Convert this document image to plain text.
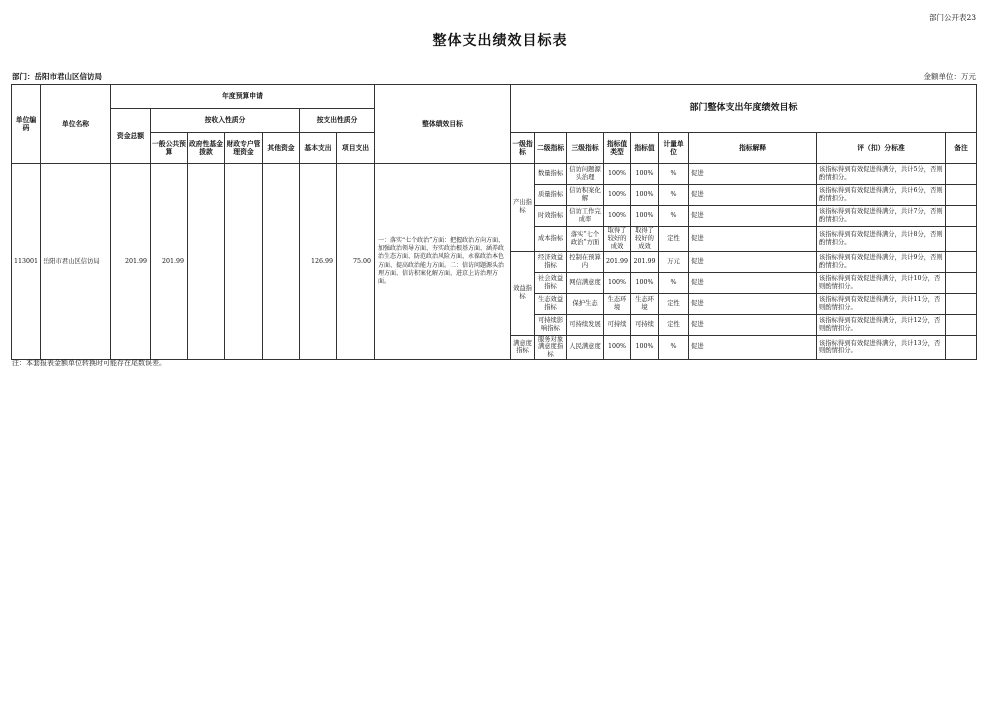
部门公开表23
整体支出绩效目标表
部门：岳阳市君山区信访局	金额单位：万元
单位编码	单位名称	年度预算申请							整体绩效目标	部门整体支出年度绩效目标								
		资金总额	按收入性质分				按支出性质分											
			一般公共预算	政府性基金拨款	财政专户管理资金	其他资金	基本支出	项目支出		一级指标	二级指标	三级指标	指标值类型	指标值	计量单位	指标解释	评（扣）分标准	备注
113001	岳阳市君山区信访局	201.99	201.99				126.99	75.00	一：落实“七个政治”方面：把握政治方向方面、加强政治领导方面、夯实政治根基方面、涵养政治生态方面、防范政治风险方面、永葆政治本色方面、提高政治能力方面。二：信访问题源头治理方面、信访积案化解方面、进京上访治理方面。	产出指标	数量指标	信访问题源头治理	100%	100%	%	促进	该指标得到有效促进得满分，共计5分，否则酌情扣分。	
											质量指标	信访积案化解	100%	100%	%	促进	该指标得到有效促进得满分，共计6分，否则酌情扣分。	
											时效指标	信访工作完成率	100%	100%	%	促进	该指标得到有效促进得满分，共计7分，否则酌情扣分。	
											成本指标	落实“七个政治”方面	取得了较好的成效	取得了较好的成效	定性	促进	该指标得到有效促进得满分，共计8分，否则酌情扣分。	
										效益指标	经济效益指标	控制在预算内	201.99	201.99	万元	促进	该指标得到有效促进得满分，共计9分，否则酌情扣分。	
											社会效益指标	网信满意度	100%	100%	%	促进	该指标得到有效促进得满分，共计10分，否则酌情扣分。	
											生态效益指标	保护生态	生态环境	生态环境	定性	促进	该指标得到有效促进得满分，共计11分，否则酌情扣分。	
											可持续影响指标	可持续发展	可持续	可持续	定性	促进	该指标得到有效促进得满分，共计12分，否则酌情扣分。	
										满意度指标	服务对象满意度指标	人民满意度	100%	100%	%	促进	该指标得到有效促进得满分，共计13分，否则酌情扣分。	
注：本套报表金额单位转换时可能存在尾数误差。
